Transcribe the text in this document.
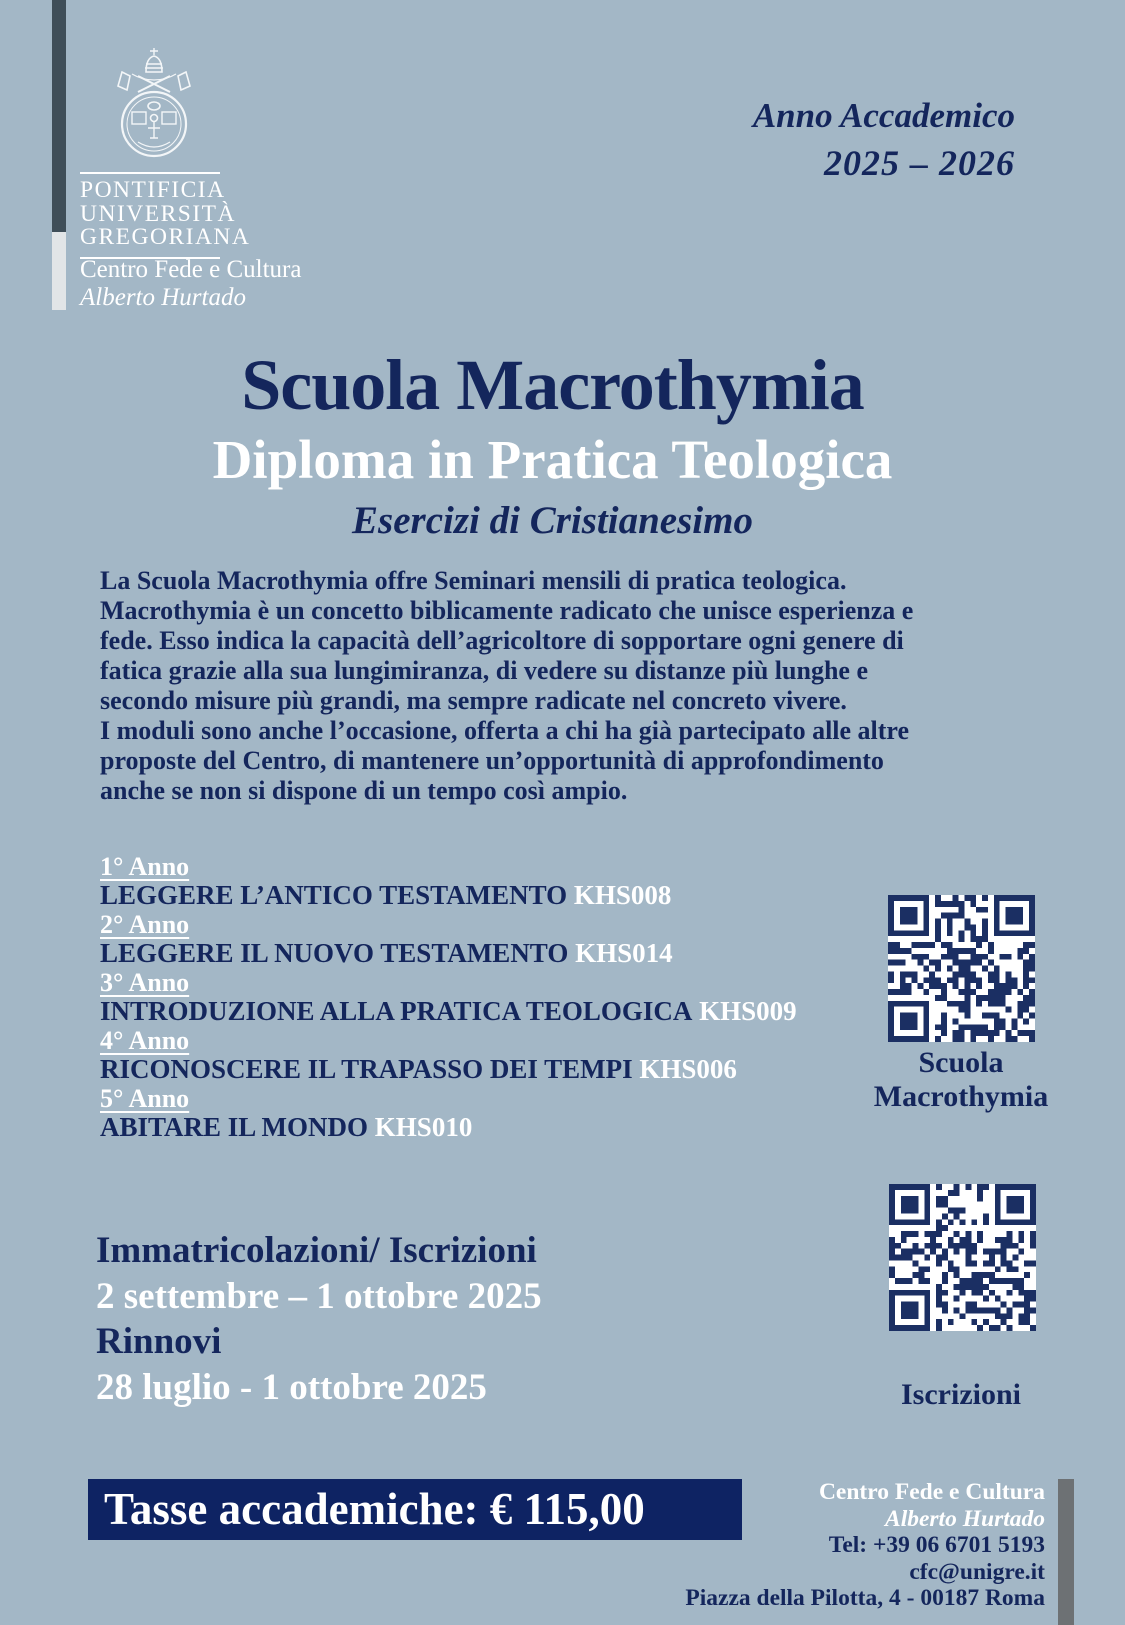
PONTIFICIA
UNIVERSITÀ
GREGORIANA
Centro Fede e Cultura
Alberto Hurtado
Anno Accademico
2025 – 2026
Scuola Macrothymia
Diploma in Pratica Teologica
Esercizi di Cristianesimo

La Scuola Macrothymia offre Seminari mensili di pratica teologica. Macrothymia è un concetto biblicamente radicato che unisce esperienza e fede. Esso indica la capacità dell’agricoltore di sopportare ogni genere di fatica grazie alla sua lungimiranza, di vedere su distanze più lunghe e secondo misure più grandi, ma sempre radicate nel concreto vivere.

I moduli sono anche l’occasione, offerta a chi ha già partecipato alle altre proposte del Centro, di mantenere un’opportunità di approfondimento anche se non si dispone di un tempo così ampio.

1° Anno
LEGGERE L’ANTICO TESTAMENTO KHS008
2° Anno
LEGGERE IL NUOVO TESTAMENTO KHS014
3° Anno
INTRODUZIONE ALLA PRATICA TEOLOGICA KHS009
4° Anno
RICONOSCERE IL TRAPASSO DEI TEMPI KHS006
5° Anno
ABITARE IL MONDO KHS010
Scuola Macrothymia
Iscrizioni
Immatricolazioni/ Iscrizioni
2 settembre – 1 ottobre 2025
Rinnovi
28 luglio - 1 ottobre 2025
Tasse accademiche: € 115,00	Centro Fede e Cultura
Alberto Hurtado
Tel: +39 06 6701 5193
cfc@unigre.it
Piazza della Pilotta, 4 - 00187 Roma
